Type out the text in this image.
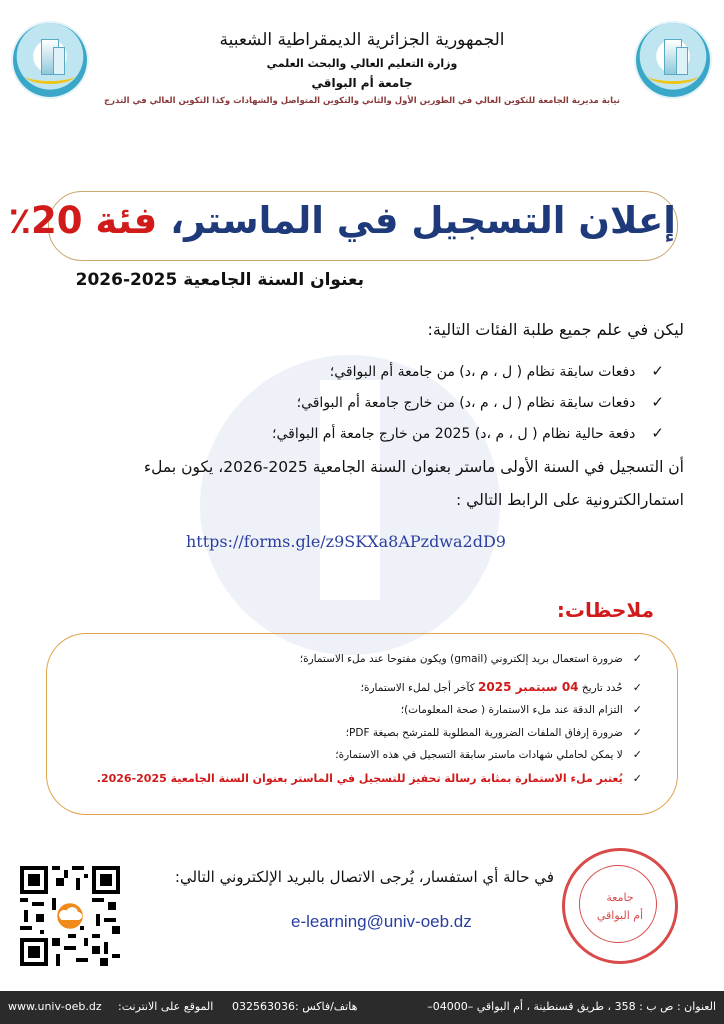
الجمهورية الجزائرية الديمقراطية الشعبية
وزارة التعليم العالي والبحث العلمي
جامعة أم البواقي
نيابة مديرية الجامعة للتكوين العالي في الطورين الأول والثاني والتكوين المتواصل والشهادات وكذا التكوين العالي في التدرج
إعلان التسجيل في الماستر، فئة 20٪
بعنوان السنة الجامعية 2025-2026
ليكن في علم جميع طلبة الفئات التالية:
✓دفعات سابقة نظام ( ل ، م ،د) من جامعة أم البواقي؛
✓دفعات سابقة نظام ( ل ، م ،د) من خارج جامعة أم البواقي؛
✓دفعة حالية نظام ( ل ، م ،د) 2025 من خارج جامعة أم البواقي؛
أن التسجيل في السنة الأولى ماستر بعنوان السنة الجامعية 2025-2026، يكون بملء
استمارالكترونية على الرابط التالي :
https://forms.gle/z9SKXa8APzdwa2dD9
ملاحظات:
✓ضرورة استعمال بريد إلكتروني (gmail) ويكون مفتوحا عند ملء الاستمارة؛
✓حُدد تاريخ 04 سبتمبر 2025 كآخر أجل لملء الاستمارة؛
✓التزام الدقة عند ملء الاستمارة ( صحة المعلومات)؛
✓ضرورة إرفاق الملفات الضرورية المطلوبة للمترشح بصيغة PDF؛
✓لا يمكن لحاملي شهادات ماستر سابقة التسجيل في هذه الاستمارة؛
✓يُعتبر ملء الاستمارة بمثابة رسالة تحفيز للتسجيل في الماستر بعنوان السنة الجامعية 2025-2026.
في حالة أي استفسار، يُرجى الاتصال بالبريد الإلكتروني التالي:
e-learning@univ-oeb.dz
جامعة
أم البواقي
www.univ-oeb.dz الموقع على الانترنت: هاتف/فاكس :032563036	العنوان : ص ب : 358 ، طريق قسنطينة ، أم البواقي –04000–
